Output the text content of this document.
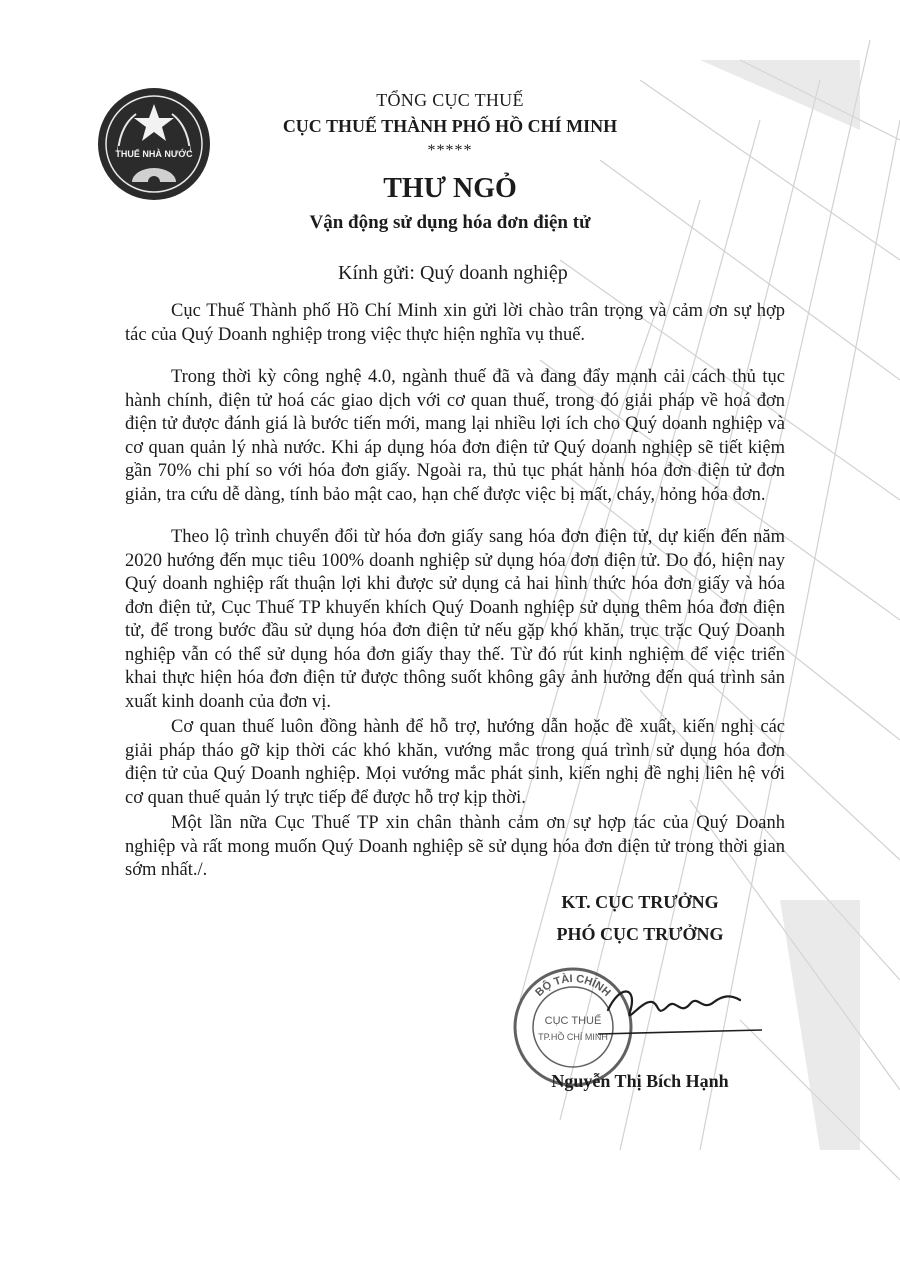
THUẾ NHÀ NƯỚC
TỔNG CỤC THUẾ
CỤC THUẾ THÀNH PHỐ HỒ CHÍ MINH
*****
THƯ NGỎ
Vận động sử dụng hóa đơn điện tử
Kính gửi: Quý doanh nghiệp

Cục Thuế Thành phố Hồ Chí Minh xin gửi lời chào trân trọng và cảm ơn sự hợp tác của Quý Doanh nghiệp trong việc thực hiện nghĩa vụ thuế.

Trong thời kỳ công nghệ 4.0, ngành thuế đã và đang đẩy mạnh cải cách thủ tục hành chính, điện tử hoá các giao dịch với cơ quan thuế, trong đó giải pháp về hoá đơn điện tử được đánh giá là bước tiến mới, mang lại nhiều lợi ích cho Quý doanh nghiệp và cơ quan quản lý nhà nước. Khi áp dụng hóa đơn điện tử Quý doanh nghiệp sẽ tiết kiệm gần 70% chi phí so với hóa đơn giấy. Ngoài ra, thủ tục phát hành hóa đơn điện tử đơn giản, tra cứu dễ dàng, tính bảo mật cao, hạn chế được việc bị mất, cháy, hỏng hóa đơn.

Theo lộ trình chuyển đổi từ hóa đơn giấy sang hóa đơn điện tử, dự kiến đến năm 2020 hướng đến mục tiêu 100% doanh nghiệp sử dụng hóa đơn điện tử. Do đó, hiện nay Quý doanh nghiệp rất thuận lợi khi được sử dụng cả hai hình thức hóa đơn giấy và hóa đơn điện tử, Cục Thuế TP khuyến khích Quý Doanh nghiệp sử dụng thêm hóa đơn điện tử, để trong bước đầu sử dụng hóa đơn điện tử nếu gặp khó khăn, trục trặc Quý Doanh nghiệp vẫn có thể sử dụng hóa đơn giấy thay thế. Từ đó rút kinh nghiệm để việc triển khai thực hiện hóa đơn điện tử được thông suốt không gây ảnh hưởng đến quá trình sản xuất kinh doanh của đơn vị.

Cơ quan thuế luôn đồng hành để hỗ trợ, hướng dẫn hoặc đề xuất, kiến nghị các giải pháp tháo gỡ kịp thời các khó khăn, vướng mắc trong quá trình sử dụng hóa đơn điện tử của Quý Doanh nghiệp. Mọi vướng mắc phát sinh, kiến nghị đề nghị liên hệ với cơ quan thuế quản lý trực tiếp để được hỗ trợ kịp thời.

Một lần nữa Cục Thuế TP xin chân thành cảm ơn sự hợp tác của Quý Doanh nghiệp và rất mong muốn Quý Doanh nghiệp sẽ sử dụng hóa đơn điện tử trong thời gian sớm nhất./.

KT. CỤC TRƯỞNG
PHÓ CỤC TRƯỞNG
BỘ TÀI CHÍNH
CỤC THUẾ
TP.HỒ CHÍ MINH
Nguyễn Thị Bích Hạnh
